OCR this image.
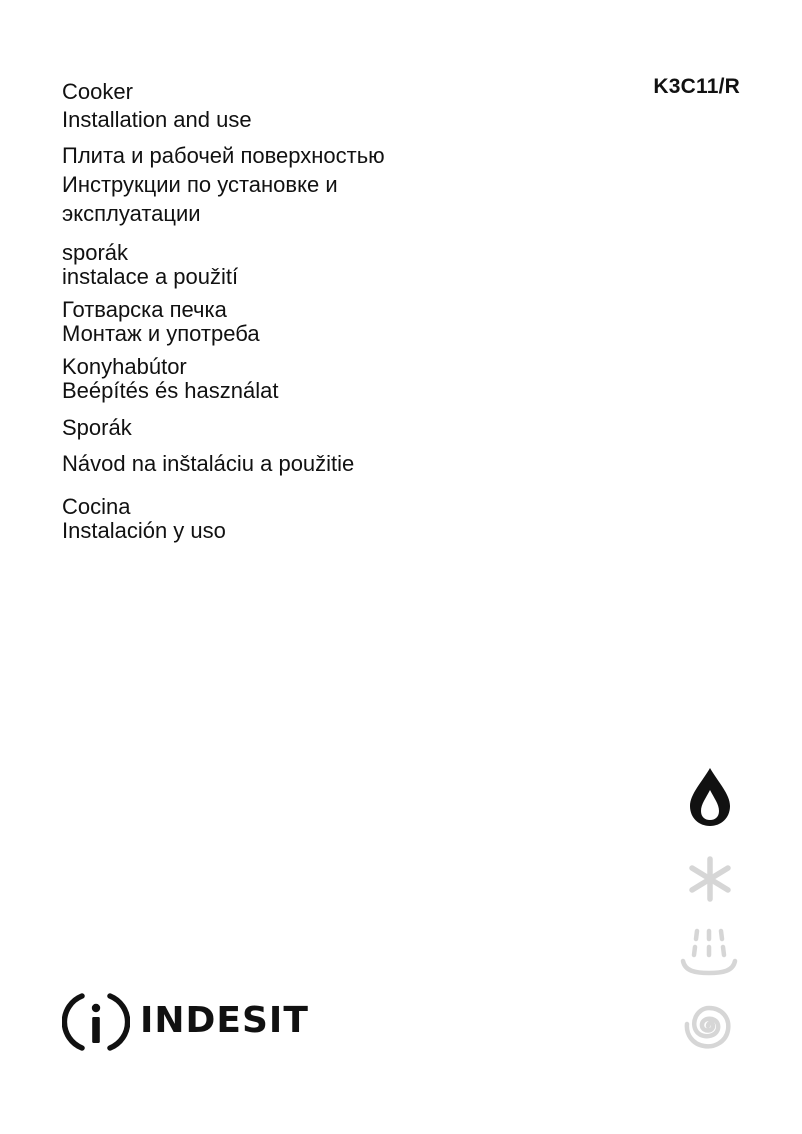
K3C11/R
Cooker
Installation and use
Плита и рабочей поверхностью
Инструкции по установке и
эксплуатации
sporák
instalace a použití
Готварска печка
Монтаж и употреба
Konyhabútor
Beépítés és használat
Sporák
Návod na inštaláciu a použitie
Cocina
Instalación y uso
INDESIT
